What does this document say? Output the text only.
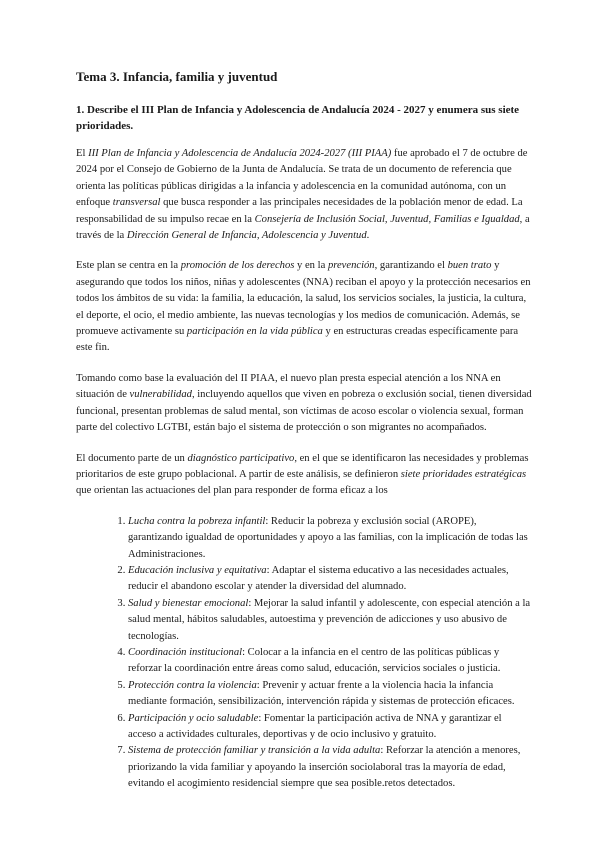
Tema 3. Infancia, familia y juventud
1. Describe el III Plan de Infancia y Adolescencia de Andalucía 2024 - 2027 y enumera sus siete prioridades.

El III Plan de Infancia y Adolescencia de Andalucía 2024-2027 (III PIAA) fue aprobado el 7 de octubre de 2024 por el Consejo de Gobierno de la Junta de Andalucía. Se trata de un documento de referencia que orienta las políticas públicas dirigidas a la infancia y adolescencia en la comunidad autónoma, con un enfoque transversal que busca responder a las principales necesidades de la población menor de edad. La responsabilidad de su impulso recae en la Consejería de Inclusión Social, Juventud, Familias e Igualdad, a través de la Dirección General de Infancia, Adolescencia y Juventud.

Este plan se centra en la promoción de los derechos y en la prevención, garantizando el buen trato y asegurando que todos los niños, niñas y adolescentes (NNA) reciban el apoyo y la protección necesarios en todos los ámbitos de su vida: la familia, la educación, la salud, los servicios sociales, la justicia, la cultura, el deporte, el ocio, el medio ambiente, las nuevas tecnologías y los medios de comunicación. Además, se promueve activamente su participación en la vida pública y en estructuras creadas específicamente para este fin.

Tomando como base la evaluación del II PIAA, el nuevo plan presta especial atención a los NNA en situación de vulnerabilidad, incluyendo aquellos que viven en pobreza o exclusión social, tienen diversidad funcional, presentan problemas de salud mental, son víctimas de acoso escolar o violencia sexual, forman parte del colectivo LGTBI, están bajo el sistema de protección o son migrantes no acompañados.

El documento parte de un diagnóstico participativo, en el que se identificaron las necesidades y problemas prioritarios de este grupo poblacional. A partir de este análisis, se definieron siete prioridades estratégicas que orientan las actuaciones del plan para responder de forma eficaz a los

1. Lucha contra la pobreza infantil: Reducir la pobreza y exclusión social (AROPE), garantizando igualdad de oportunidades y apoyo a las familias, con la implicación de todas las Administraciones.
2. Educación inclusiva y equitativa: Adaptar el sistema educativo a las necesidades actuales, reducir el abandono escolar y atender la diversidad del alumnado.
3. Salud y bienestar emocional: Mejorar la salud infantil y adolescente, con especial atención a la salud mental, hábitos saludables, autoestima y prevención de adicciones y uso abusivo de tecnologías.
4. Coordinación institucional: Colocar a la infancia en el centro de las políticas públicas y reforzar la coordinación entre áreas como salud, educación, servicios sociales o justicia.
5. Protección contra la violencia: Prevenir y actuar frente a la violencia hacia la infancia mediante formación, sensibilización, intervención rápida y sistemas de protección eficaces.
6. Participación y ocio saludable: Fomentar la participación activa de NNA y garantizar el acceso a actividades culturales, deportivas y de ocio inclusivo y gratuito.
7. Sistema de protección familiar y transición a la vida adulta: Reforzar la atención a menores, priorizando la vida familiar y apoyando la inserción sociolaboral tras la mayoría de edad, evitando el acogimiento residencial siempre que sea posible.retos detectados.
